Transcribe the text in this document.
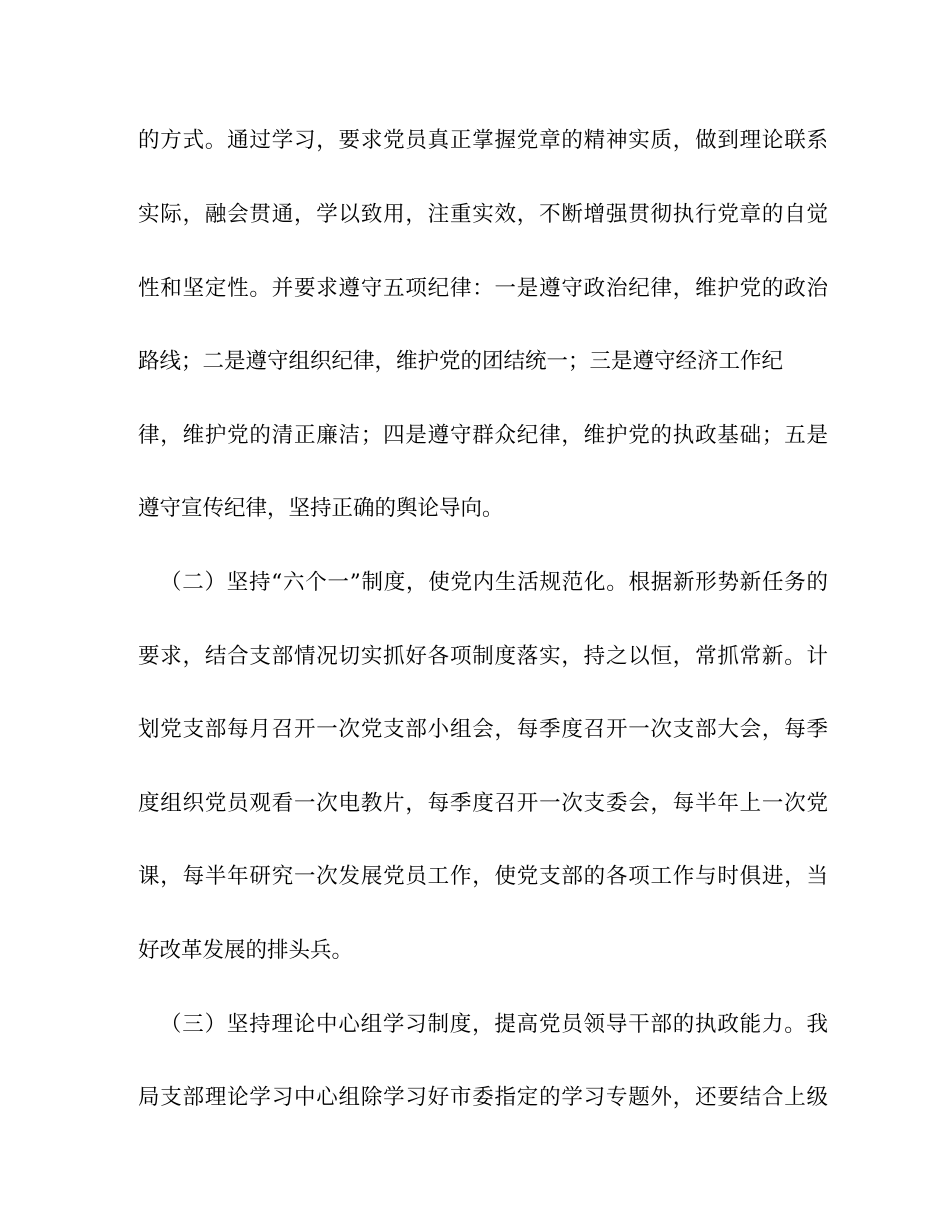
的方式。通过学习，要求党员真正掌握党章的精神实质，做到理论联系
实际，融会贯通，学以致用，注重实效，不断增强贯彻执行党章的自觉
性和坚定性。并要求遵守五项纪律：一是遵守政治纪律，维护党的政治
路线；二是遵守组织纪律，维护党的团结统一；三是遵守经济工作纪
律，维护党的清正廉洁；四是遵守群众纪律，维护党的执政基础；五是
遵守宣传纪律，坚持正确的舆论导向。
（二）坚持“六个一”制度，使党内生活规范化。根据新形势新任务的
要求，结合支部情况切实抓好各项制度落实，持之以恒，常抓常新。计
划党支部每月召开一次党支部小组会，每季度召开一次支部大会，每季
度组织党员观看一次电教片，每季度召开一次支委会，每半年上一次党
课，每半年研究一次发展党员工作，使党支部的各项工作与时俱进，当
好改革发展的排头兵。
（三）坚持理论中心组学习制度，提高党员领导干部的执政能力。我
局支部理论学习中心组除学习好市委指定的学习专题外，还要结合上级
